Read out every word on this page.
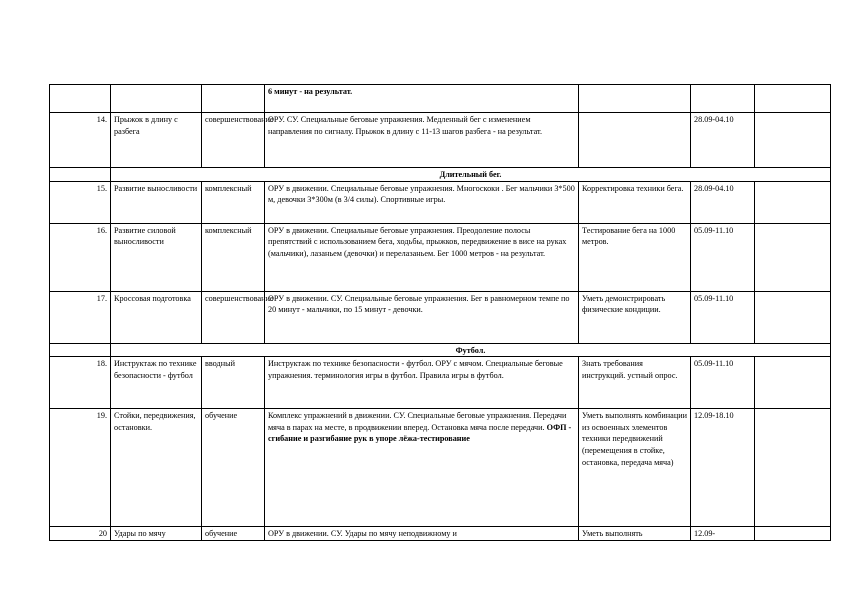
			6 минут - на результат.			
14.	Прыжок в длину с разбега	совершенствование	ОРУ. СУ. Специальные беговые упражнения. Медленный бег с изменением направления по сигналу. Прыжок в длину с 11-13 шагов разбега - на результат.		28.09-04.10	
	Длительный бег.					
15.	Развитие выносливости	комплексный	ОРУ в движении. Специальные беговые упражнения. Многоскоки . Бег мальчики 3*500 м, девочки 3*300м (в 3/4 силы). Спортивные игры.	Корректировка техники бега.	28.09-04.10	
16.	Развитие силовой выносливости	комплексный	ОРУ в движении. Специальные беговые упражнения. Преодоление полосы препятствий с использованием бега, ходьбы, прыжков, передвижение в висе на руках (мальчики), лазаньем (девочки) и перелазаньем. Бег 1000 метров - на результат.	Тестирование бега на 1000 метров.	05.09-11.10	
17.	Кроссовая подготовка	совершенствование	ОРУ в движении. СУ. Специальные беговые упражнения. Бег в равномерном темпе по 20 минут - мальчики, по 15 минут - девочки.	Уметь демонстрировать физические кондиции.	05.09-11.10	
	Футбол.					
18.	Инструктаж по технике безопасности - футбол	вводный	Инструктаж по технике безопасности - футбол. ОРУ с мячом. Специальные беговые упражнения. терминология игры в футбол. Правила игры в футбол.	Знать требования инструкций. устный опрос.	05.09-11.10	
19.	Стойки, передвижения, остановки.	обучение	Комплекс упражнений в движении. СУ. Специальные беговые упражнения. Передачи мяча в парах на месте, в продвижении вперед. Остановка мяча после передачи. ОФП - сгибание и разгибание рук в упоре лёжа-тестирование	Уметь выполнять комбинации из освоенных элементов техники передвижений (перемещения в стойке, остановка, передача мяча)	12.09-18.10	
20	Удары по мячу	обучение	ОРУ в движении. СУ. Удары по мячу неподвижному и	Уметь выполнять	12.09-	
